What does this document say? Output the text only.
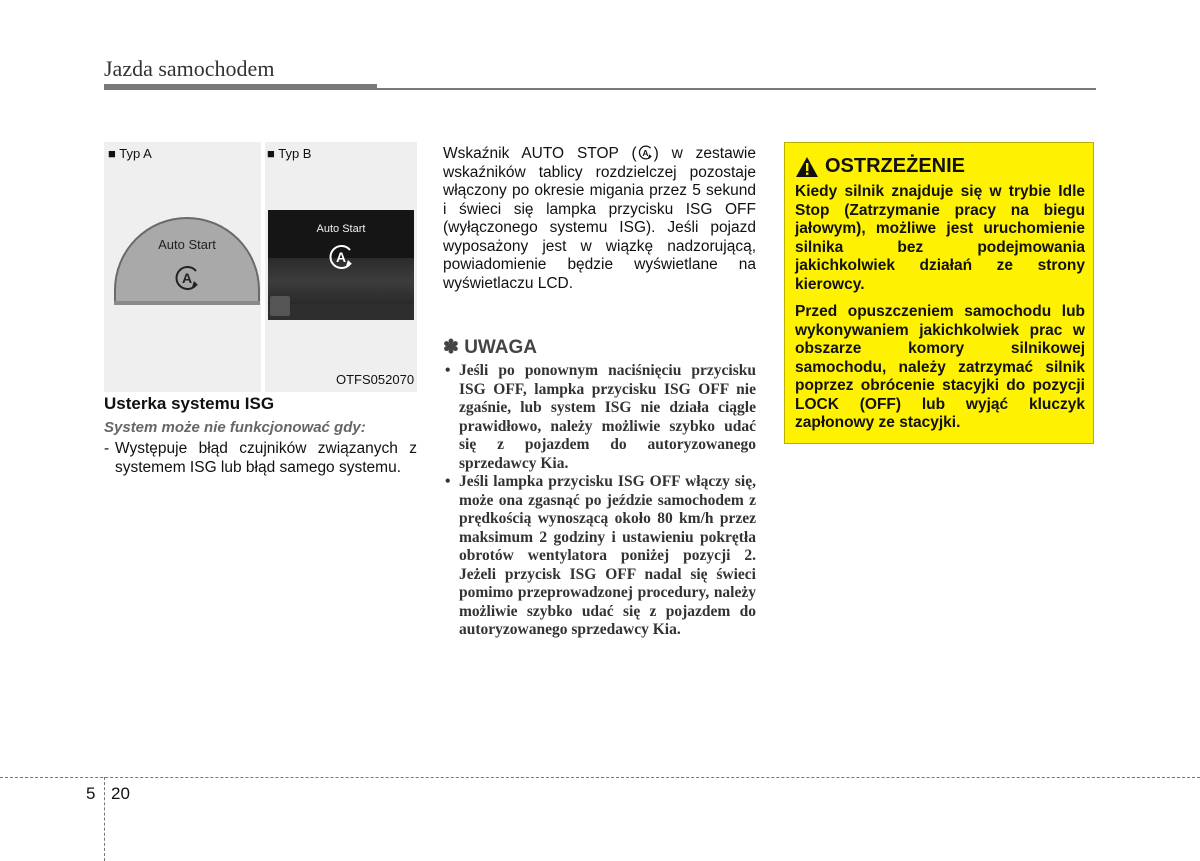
Jazda samochodem
■ Typ A	■ Typ B
Auto Start
A
Auto Start
A
OTFS052070
Usterka systemu ISG
System może nie funkcjonować gdy:
- Występuje błąd czujników związanych z systemem ISG lub błąd samego systemu.
Wskaźnik AUTO STOP ( A ) w zestawie wskaźników tablicy rozdzielczej pozostaje włączony po okresie migania przez 5 sekund i świeci się lampka przycisku ISG OFF (wyłączonego systemu ISG). Jeśli pojazd wyposażony jest w wiązkę nadzorującą, powiadomienie będzie wyświetlane na wyświetlaczu LCD.
✽ UWAGA
• Jeśli po ponownym naciśnięciu przycisku ISG OFF, lampka przycisku ISG OFF nie zgaśnie, lub system ISG nie działa ciągle prawidłowo, należy możliwie szybko udać się z pojazdem do autoryzowanego sprzedawcy Kia.
• Jeśli lampka przycisku ISG OFF włączy się, może ona zgasnąć po jeździe samochodem z prędkością wynoszącą około 80 km/h przez maksimum 2 godziny i ustawieniu pokrętła obrotów wentylatora poniżej pozycji 2. Jeżeli przycisk ISG OFF nadal się świeci pomimo przeprowadzonej procedury, należy możliwie szybko udać się z pojazdem do autoryzowanego sprzedawcy Kia.
OSTRZEŻENIE
Kiedy silnik znajduje się w trybie Idle Stop (Zatrzymanie pracy na biegu jałowym), możliwe jest uruchomienie silnika bez podejmowania jakichkolwiek działań ze strony kierowcy.
Przed opuszczeniem samochodu lub wykonywaniem jakichkolwiek prac w obszarze komory silnikowej samochodu, należy zatrzymać silnik poprzez obrócenie stacyjki do pozycji LOCK (OFF) lub wyjąć kluczyk zapłonowy ze stacyjki.
5 20
